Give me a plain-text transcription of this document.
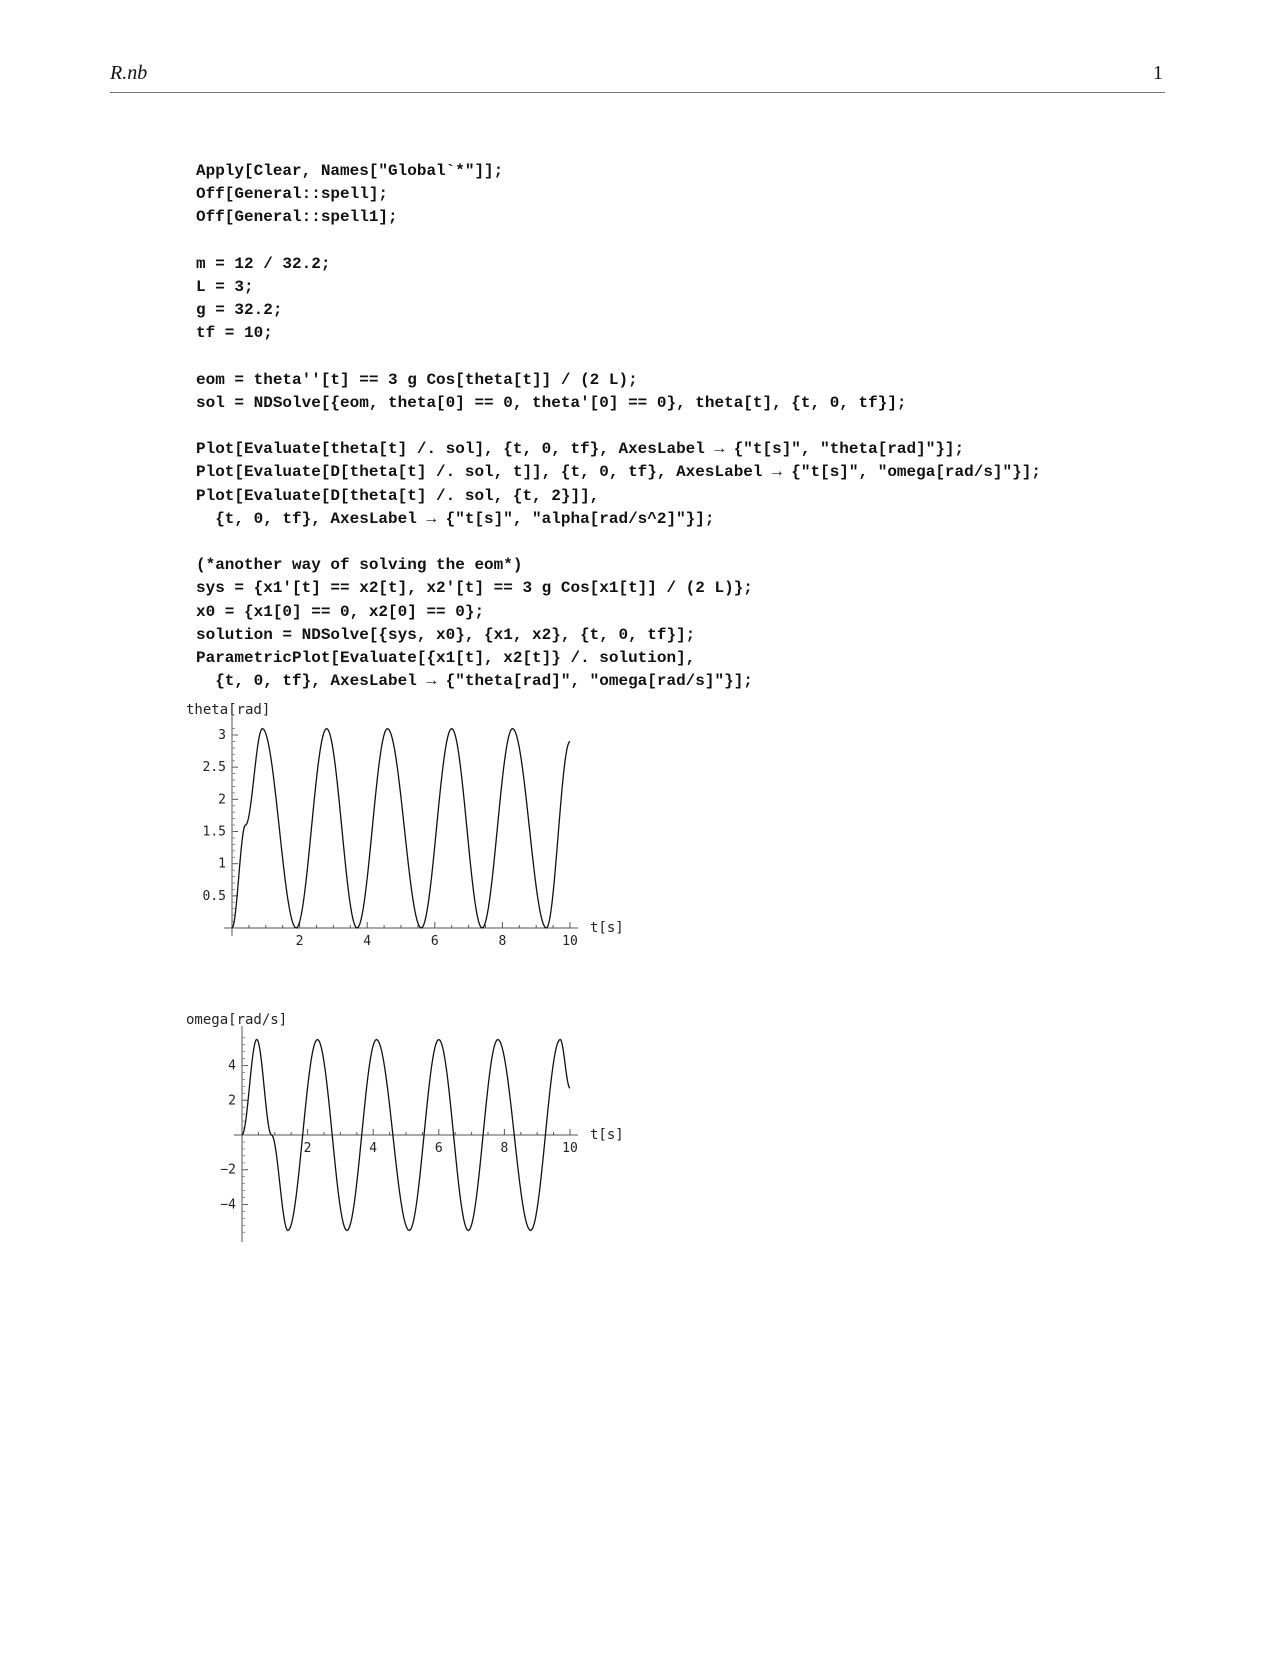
R.nb	1
Apply[Clear, Names["Global`*"]];
Off[General::spell];
Off[General::spell1];
m = 12 / 32.2;
L = 3;
g = 32.2;
tf = 10;
eom = theta''[t] == 3 g Cos[theta[t]] / (2 L);
sol = NDSolve[{eom, theta[0] == 0, theta'[0] == 0}, theta[t], {t, 0, tf}];
Plot[Evaluate[theta[t] /. sol], {t, 0, tf}, AxesLabel → {"t[s]", "theta[rad]"}];
Plot[Evaluate[D[theta[t] /. sol, t]], {t, 0, tf}, AxesLabel → {"t[s]", "omega[rad/s]"}];
Plot[Evaluate[D[theta[t] /. sol, {t, 2}]],
{t, 0, tf}, AxesLabel → {"t[s]", "alpha[rad/s^2]"}];
(*another way of solving the eom*)
sys = {x1′[t] == x2[t], x2′[t] == 3 g Cos[x1[t]] / (2 L)};
x0 = {x1[0] == 0, x2[0] == 0};
solution = NDSolve[{sys, x0}, {x1, x2}, {t, 0, tf}];
ParametricPlot[Evaluate[{x1[t], x2[t]} /. solution],
{t, 0, tf}, AxesLabel → {"theta[rad]", "omega[rad/s]"}];
theta[rad]
2	4	6	8	10
t[s]
0.5
1
1.5
2
2.5
3
omega[rad/s]
2	4	6	8	10
t[s]
−4
−2
2
4
